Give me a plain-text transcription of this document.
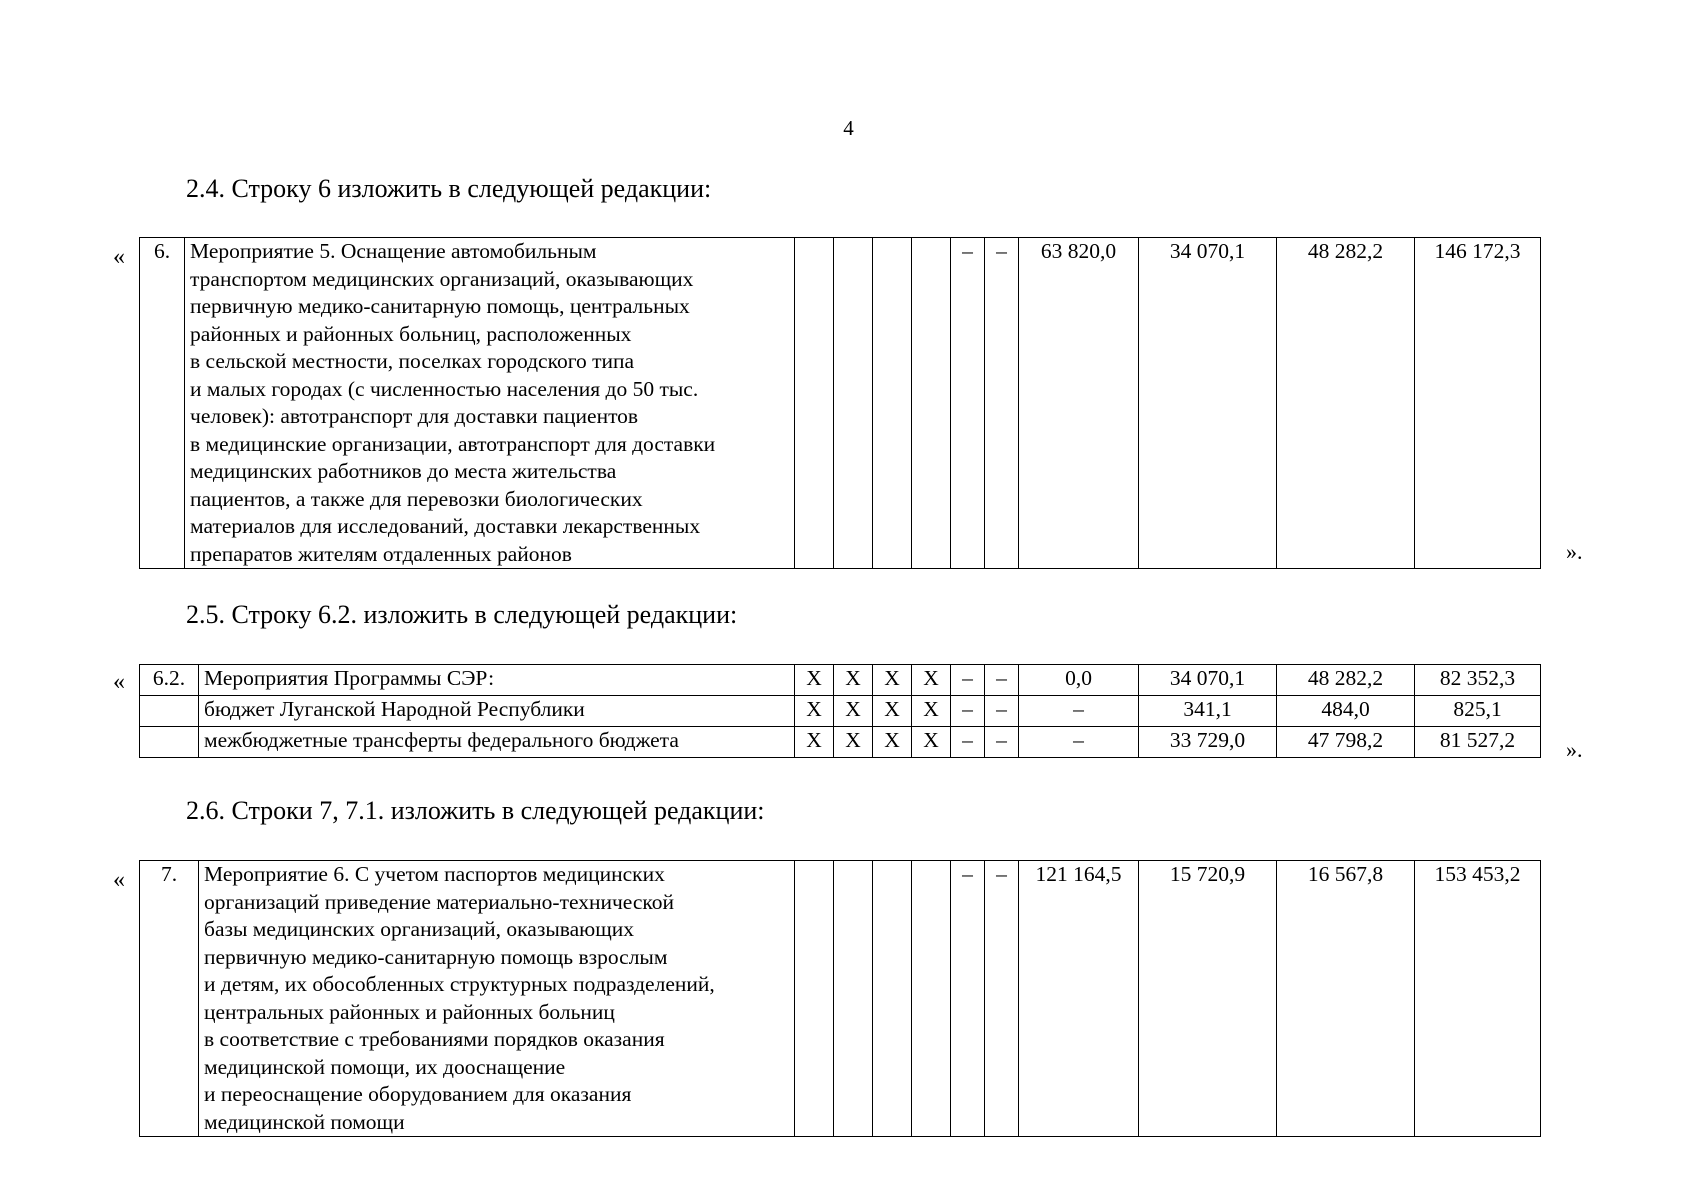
4
2.4. Строку 6 изложить в следующей редакции:
« 6.	Мероприятие 5. Оснащение автомобильным
транспортом медицинских организаций, оказывающих
первичную медико-санитарную помощь, центральных
районных и районных больниц, расположенных
в сельской местности, поселках городского типа
и малых городах (с численностью населения до 50 тыс.
человек): автотранспорт для доставки пациентов
в медицинские организации, автотранспорт для доставки
медицинских работников до места жительства
пациентов, а также для перевозки биологических
материалов для исследований, доставки лекарственных
препаратов жителям отдаленных районов
					–	–	63 820,0	34 070,1	48 282,2	146 172,3
».
2.5. Строку 6.2. изложить в следующей редакции:
« 6.2.	Мероприятия Программы СЭР:	Х	Х	Х	Х	–	–	0,0	34 070,1	48 282,2	82 352,3
	бюджет Луганской Народной Республики	Х	Х	Х	Х	–	–	–	341,1	484,0	825,1
	межбюджетные трансферты федерального бюджета	Х	Х	Х	Х	–	–	–	33 729,0	47 798,2	81 527,2 ».
2.6. Строки 7, 7.1. изложить в следующей редакции:
« 7.	Мероприятие 6. С учетом паспортов медицинских
организаций приведение материально-технической
базы медицинских организаций, оказывающих
первичную медико-санитарную помощь взрослым
и детям, их обособленных структурных подразделений,
центральных районных и районных больниц
в соответствие с требованиями порядков оказания
медицинской помощи, их дооснащение
и переоснащение оборудованием для оказания
медицинской помощи
					–	–	121 164,5	15 720,9	16 567,8	153 453,2
